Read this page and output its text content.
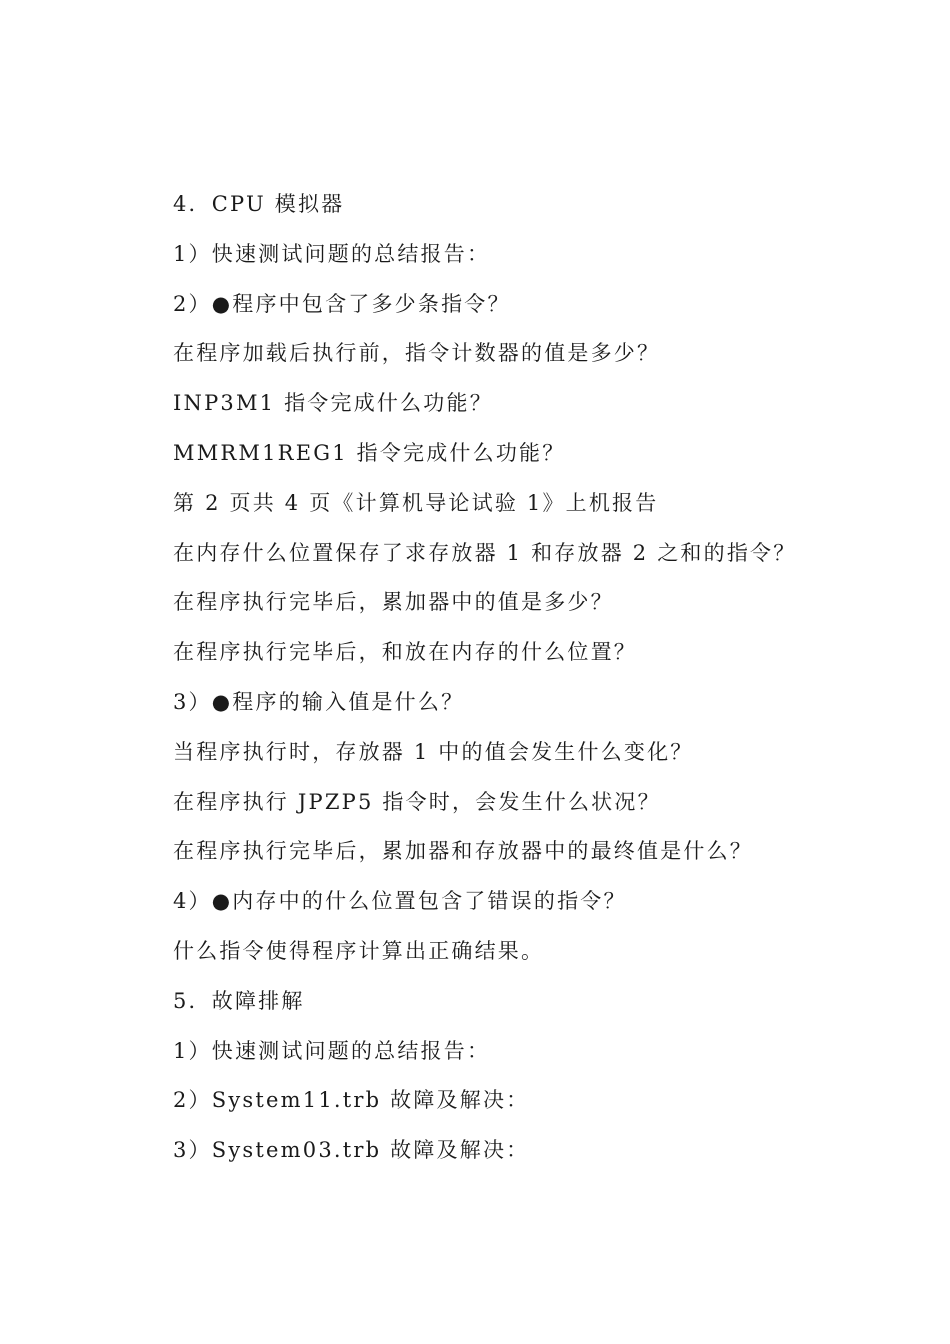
4．CPU 模拟器
1）快速测试问题的总结报告：
2）●程序中包含了多少条指令？
在程序加载后执行前，指令计数器的值是多少？
INP3M1 指令完成什么功能？
MMRM1REG1 指令完成什么功能？
第 2 页共 4 页《计算机导论试验 1》上机报告
在内存什么位置保存了求存放器 1 和存放器 2 之和的指令？
在程序执行完毕后，累加器中的值是多少？
在程序执行完毕后，和放在内存的什么位置？
3）●程序的输入值是什么？
当程序执行时，存放器 1 中的值会发生什么变化？
在程序执行 JPZP5 指令时，会发生什么状况？
在程序执行完毕后，累加器和存放器中的最终值是什么？
4）●内存中的什么位置包含了错误的指令？
什么指令使得程序计算出正确结果。
5．故障排解
1）快速测试问题的总结报告：
2）System11.trb 故障及解决：
3）System03.trb 故障及解决：
